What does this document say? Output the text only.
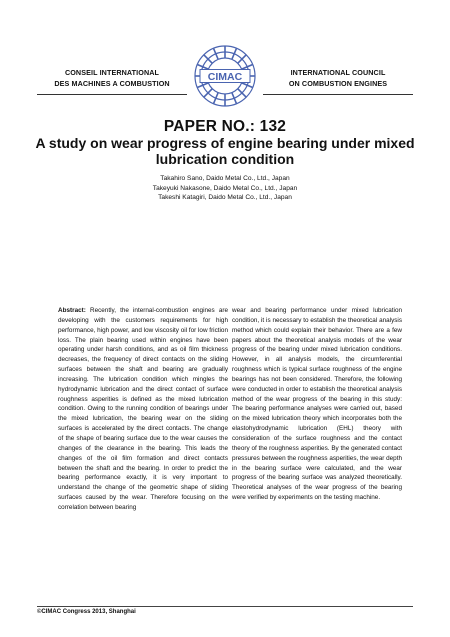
CONSEIL INTERNATIONAL
DES MACHINES A COMBUSTION
CIMAC	INTERNATIONAL COUNCIL
ON COMBUSTION ENGINES
PAPER NO.: 132
A study on wear progress of engine bearing under mixed lubrication condition
Takahiro Sano, Daido Metal Co., Ltd., Japan
Takeyuki Nakasone, Daido Metal Co., Ltd., Japan
Takeshi Katagiri, Daido Metal Co., Ltd., Japan
Abstract: Recently, the internal-combustion engines are developing with the customers requirements for high performance, high power, and low viscosity oil for low friction loss. The plain bearing used within engines have been operating under harsh conditions, and as oil film thickness decreases, the frequency of direct contacts on the sliding surfaces between the shaft and bearing are gradually increasing. The lubrication condition which mingles the hydrodynamic lubrication and the direct contact of surface roughness asperities is defined as the mixed lubrication condition. Owing to the running condition of bearings under the mixed lubrication, the bearing wear on the sliding surfaces is accelerated by the direct contacts. The change of the shape of bearing surface due to the wear causes the changes of the clearance in the bearing. This leads the changes of the oil film formation and direct contacts between the shaft and the bearing. In order to predict the bearing performance exactly, it is very important to understand the change of the geometric shape of sliding surfaces caused by the wear. Therefore focusing on the correlation between bearing
wear and bearing performance under mixed lubrication condition, it is necessary to establish the theoretical analysis method which could explain their behavior. There are a few papers about the theoretical analysis models of the wear progress of the bearing under mixed lubrication conditions. However, in all analysis models, the circumferential roughness which is typical surface roughness of the engine bearings has not been considered. Therefore, the following were conducted in order to establish the theoretical analysis method of the wear progress of the bearing in this study: The bearing performance analyses were carried out, based on the mixed lubrication theory which incorporates both the elastohydrodynamic lubrication (EHL) theory with consideration of the surface roughness and the contact theory of the roughness asperities. By the generated contact pressures between the roughness asperities, the wear depth in the bearing surface were calculated, and the wear progress of the bearing surface was analyzed theoretically. Theoretical analyses of the wear progress of the bearing were verified by experiments on the testing machine.
©CIMAC Congress 2013, Shanghai
